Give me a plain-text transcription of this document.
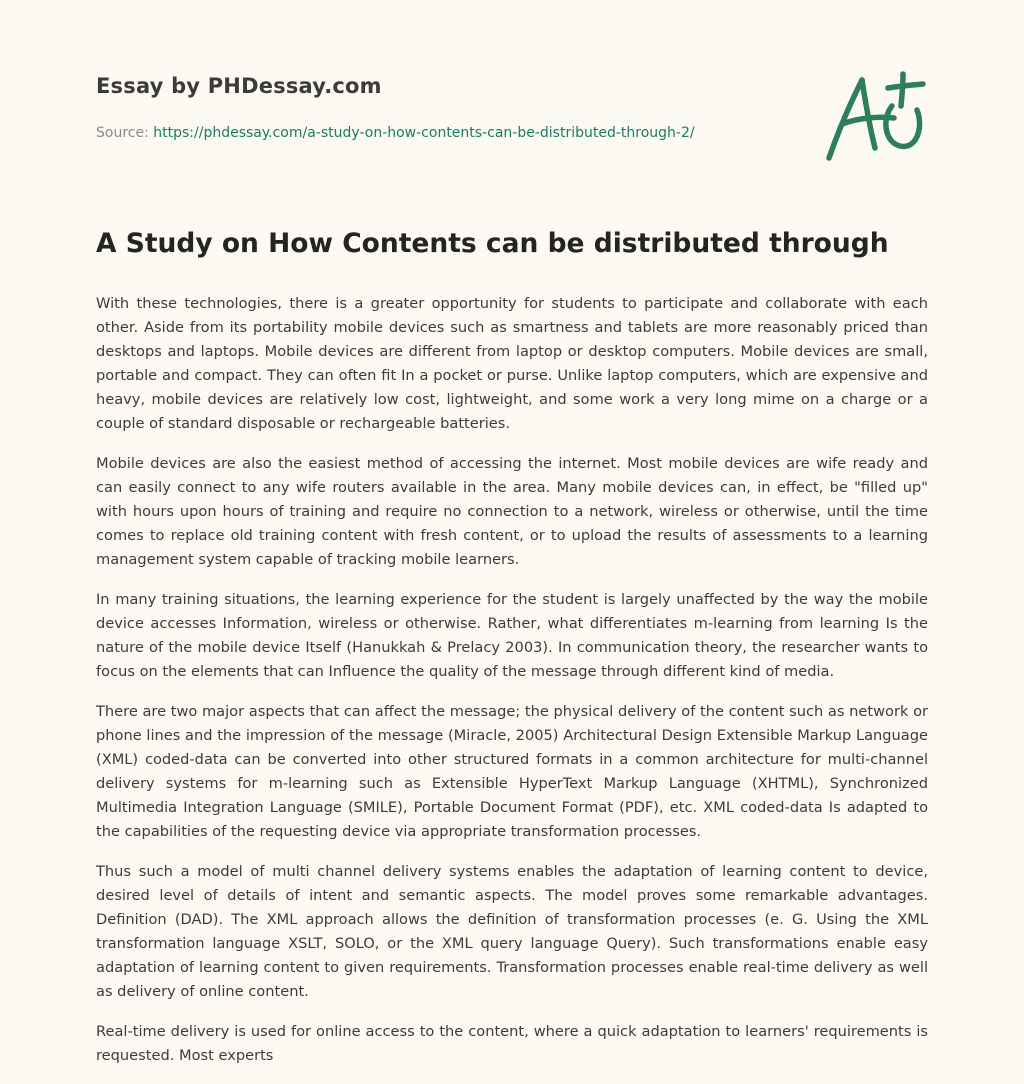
Essay by PHDessay.com
Source: https://phdessay.com/a-study-on-how-contents-can-be-distributed-through-2/
A Study on How Contents can be distributed through

With these technologies, there is a greater opportunity for students to participate and collaborate with each other. Aside from its portability mobile devices such as smartness and tablets are more reasonably priced than desktops and laptops. Mobile devices are different from laptop or desktop computers. Mobile devices are small, portable and compact. They can often fit In a pocket or purse. Unlike laptop computers, which are expensive and heavy, mobile devices are relatively low cost, lightweight, and some work a very long mime on a charge or a couple of standard disposable or rechargeable batteries.

Mobile devices are also the easiest method of accessing the internet. Most mobile devices are wife ready and can easily connect to any wife routers available in the area. Many mobile devices can, in effect, be "filled up" with hours upon hours of training and require no connection to a network, wireless or otherwise, until the time comes to replace old training content with fresh content, or to upload the results of assessments to a learning management system capable of tracking mobile learners.

In many training situations, the learning experience for the student is largely unaffected by the way the mobile device accesses Information, wireless or otherwise. Rather, what differentiates m-learning from learning Is the nature of the mobile device Itself (Hanukkah & Prelacy 2003). In communication theory, the researcher wants to focus on the elements that can Influence the quality of the message through different kind of media.

There are two major aspects that can affect the message; the physical delivery of the content such as network or phone lines and the impression of the message (Miracle, 2005) Architectural Design Extensible Markup Language (XML) coded-data can be converted into other structured formats in a common architecture for multi-channel delivery systems for m-learning such as Extensible HyperText Markup Language (XHTML), Synchronized Multimedia Integration Language (SMILE), Portable Document Format (PDF), etc. XML coded-data Is adapted to the capabilities of the requesting device via appropriate transformation processes.

Thus such a model of multi channel delivery systems enables the adaptation of learning content to device, desired level of details of intent and semantic aspects. The model proves some remarkable advantages. Definition (DAD). The XML approach allows the definition of transformation processes (e. G. Using the XML transformation language XSLT, SOLO, or the XML query language Query). Such transformations enable easy adaptation of learning content to given requirements. Transformation processes enable real-time delivery as well as delivery of online content.

Real-time delivery is used for online access to the content, where a quick adaptation to learners' requirements is requested. Most experts
